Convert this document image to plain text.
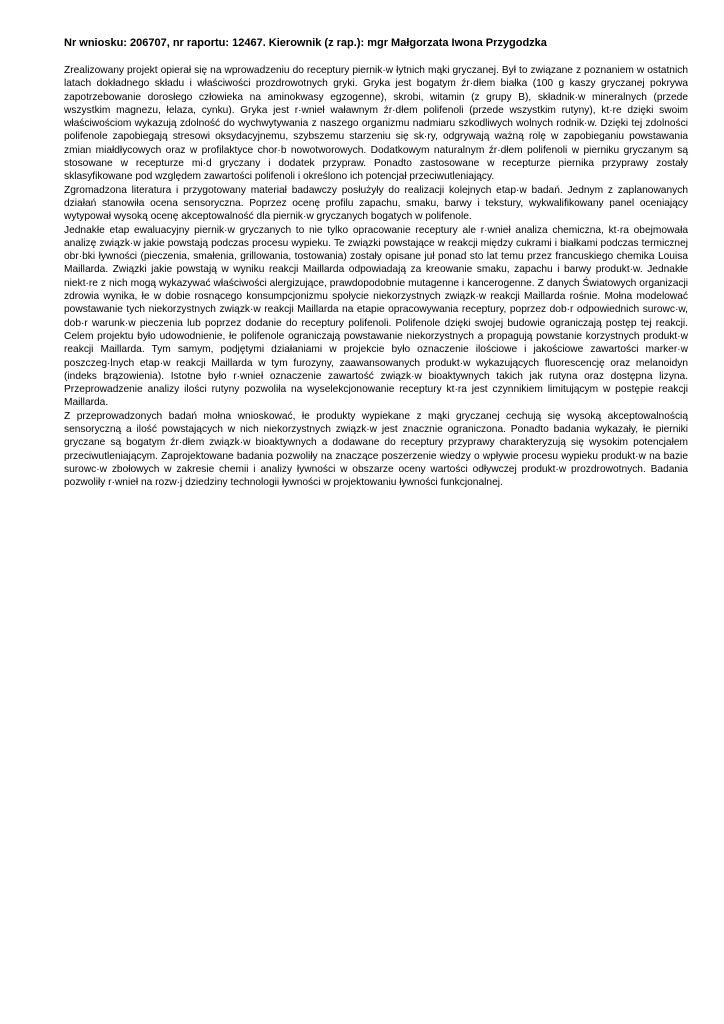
Nr wniosku: 206707, nr raportu: 12467. Kierownik (z rap.): mgr Małgorzata Iwona Przygodzka

Zrealizowany projekt opierał się na wprowadzeniu do receptury piernik·w łytnich mąki gryczanej. Był to związane z poznaniem w ostatnich latach dokładnego składu i właściwości prozdrowotnych gryki. Gryka jest bogatym źr·dłem białka (100 g kaszy gryczanej pokrywa zapotrzebowanie dorosłego człowieka na aminokwasy egzogenne), skrobi, witamin (z grupy B), składnik·w mineralnych (przede wszystkim magnezu, łelaza, cynku). Gryka jest r·wnieł waławnym źr·dłem polifenoli (przede wszystkim rutyny), kt·re dzięki swoim właściwościom wykazują zdolność do wychwytywania z naszego organizmu nadmiaru szkodliwych wolnych rodnik·w. Dzięki tej zdolności polifenole zapobiegają stresowi oksydacyjnemu, szybszemu starzeniu się sk·ry, odgrywają ważną rolę w zapobieganiu powstawania zmian miałdłycowych oraz w profilaktyce chor·b nowotworowych. Dodatkowym naturalnym źr·dłem polifenoli w pierniku gryczanym są stosowane w recepturze mi·d gryczany i dodatek przypraw. Ponadto zastosowane w recepturze piernika przyprawy zostały sklasyfikowane pod względem zawartości polifenoli i określono ich potencjał przeciwutleniający.

Zgromadzona literatura i przygotowany materiał badawczy posłużyły do realizacji kolejnych etap·w badań. Jednym z zaplanowanych działań stanowiła ocena sensoryczna. Poprzez ocenę profilu zapachu, smaku, barwy i tekstury, wykwalifikowany panel oceniający wytypował wysoką ocenę akceptowalność dla piernik·w gryczanych bogatych w polifenole.

Jednakłe etap ewaluacyjny piernik·w gryczanych to nie tylko opracowanie receptury ale r·wnieł analiza chemiczna, kt·ra obejmowała analizę związk·w jakie powstają podczas procesu wypieku. Te związki powstające w reakcji między cukrami i białkami podczas termicznej obr·bki ływności (pieczenia, smałenia, grillowania, tostowania) zostały opisane juł ponad sto lat temu przez francuskiego chemika Louisa Maillarda. Związki jakie powstają w wyniku reakcji Maillarda odpowiadają za kreowanie smaku, zapachu i barwy produkt·w. Jednakłe niekt·re z nich mogą wykazywać właściwości alergizujące, prawdopodobnie mutagenne i kancerogenne. Z danych Światowych organizacji zdrowia wynika, łe w dobie rosnącego konsumpcjonizmu społycie niekorzystnych związk·w reakcji Maillarda rośnie. Mołna modelować powstawanie tych niekorzystnych związk·w reakcji Maillarda na etapie opracowywania receptury, poprzez dob·r odpowiednich surowc·w, dob·r warunk·w pieczenia lub poprzez dodanie do receptury polifenoli. Polifenole dzięki swojej budowie ograniczają postęp tej reakcji. Celem projektu było udowodnienie, łe polifenole ograniczają powstawanie niekorzystnych a propagują powstanie korzystnych produkt·w reakcji Maillarda. Tym samym, podjętymi działaniami w projekcie było oznaczenie ilościowe i jakościowe zawartości marker·w poszczeg·lnych etap·w reakcji Maillarda w tym furozyny, zaawansowanych produkt·w wykazujących fluorescencję oraz melanoidyn (indeks brązowienia). Istotne było r·wnieł oznaczenie zawartość związk·w bioaktywnych takich jak rutyna oraz dostępna lizyna. Przeprowadzenie analizy ilości rutyny pozwoliła na wyselekcjonowanie receptury kt·ra jest czynnikiem limitującym w postępie reakcji Maillarda.

Z przeprowadzonych badań mołna wnioskować, łe produkty wypiekane z mąki gryczanej cechują się wysoką akceptowalnością sensoryczną a ilość powstających w nich niekorzystnych związk·w jest znacznie ograniczona. Ponadto badania wykazały, łe pierniki gryczane są bogatym źr·dłem związk·w bioaktywnych a dodawane do receptury przyprawy charakteryzują się wysokim potencjałem przeciwutleniającym. Zaprojektowane badania pozwoliły na znaczące poszerzenie wiedzy o wpływie procesu wypieku produkt·w na bazie surowc·w zbołowych w zakresie chemii i analizy ływności w obszarze oceny wartości odływczej produkt·w prozdrowotnych. Badania pozwoliły r·wnieł na rozw·j dziedziny technologii ływności w projektowaniu ływności funkcjonalnej.
